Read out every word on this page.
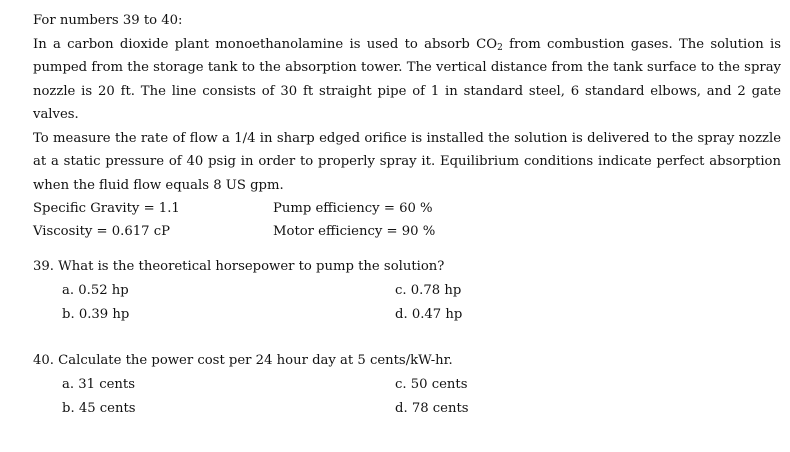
For numbers 39 to 40:
In a carbon dioxide plant monoethanolamine is used to absorb $CO_2$ from combustion gases. The solution is pumped from the storage tank to the absorption tower. The vertical distance from the tank surface to the spray nozzle is 20 ft. The line consists of 30 ft straight pipe of 1 in standard steel, 6 standard elbows, and 2 gate valves.
To measure the rate of flow a 1/4 in sharp edged orifice is installed the solution is delivered to the spray nozzle at a static pressure of 40 psig in order to properly spray it. Equilibrium conditions indicate perfect absorption when the fluid flow equals 8 US gpm.
Specific Gravity = 1.1	Pump efficiency = 60 %
Viscosity = 0.617 cP	Motor efficiency = 90 %
39. What is the theoretical horsepower to pump the solution?
a. 0.52 hp
b. 0.39 hp
c. 0.78 hp
d. 0.47 hp
40. Calculate the power cost per 24 hour day at 5 cents/kW-hr.
a. 31 cents
b. 45 cents
c. 50 cents
d. 78 cents
